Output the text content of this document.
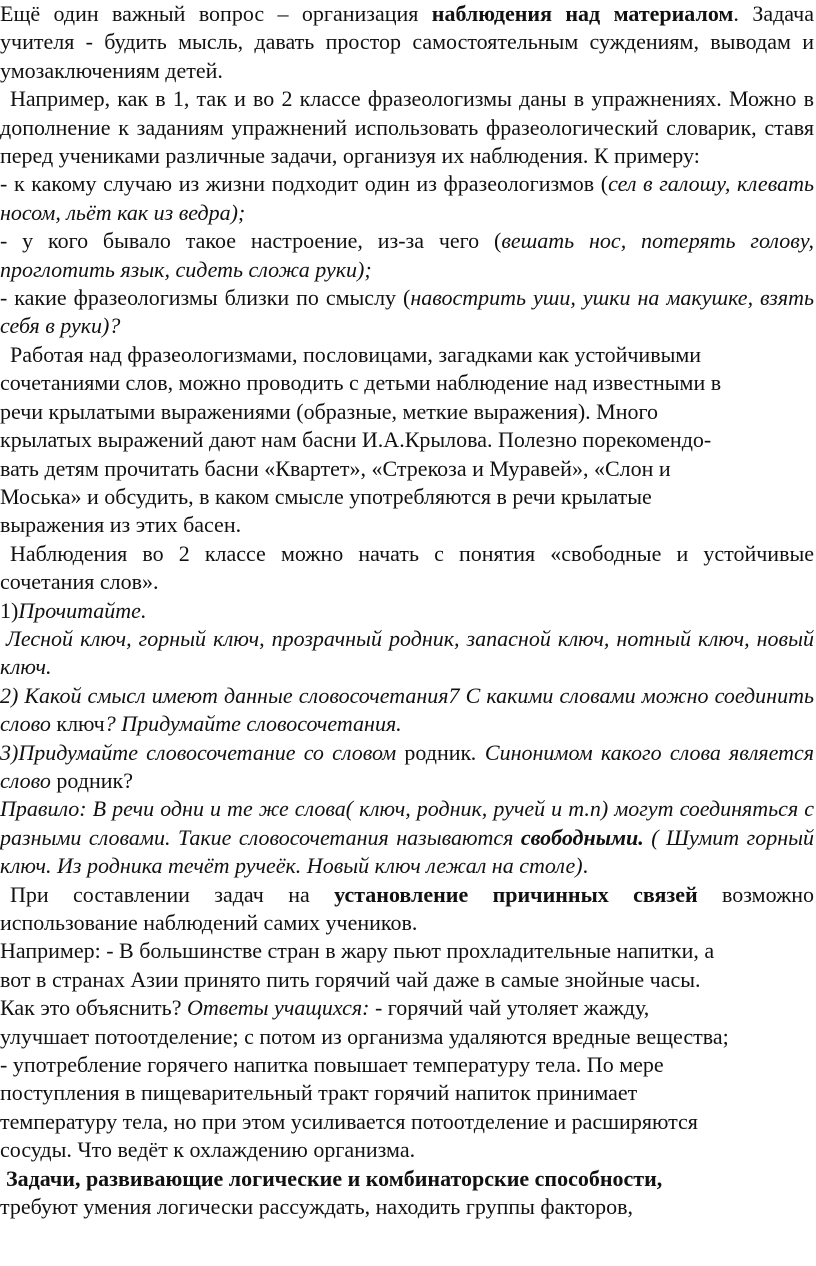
Ещё один важный вопрос – организация наблюдения над материалом. Задача учителя - будить мысль, давать простор самостоятельным суждениям, выводам и умозаключениям детей.

Например, как в 1, так и во 2 классе фразеологизмы даны в упражнениях. Можно в дополнение к заданиям упражнений использовать фразеологический словарик, ставя перед учениками различные задачи, организуя их наблюдения. К примеру:

- к какому случаю из жизни подходит один из фразеологизмов (сел в галошу, клевать носом, льёт как из ведра);

- у кого бывало такое настроение, из-за чего (вешать нос, потерять голову, проглотить язык, сидеть сложа руки);

- какие фразеологизмы близки по смыслу (навострить уши, ушки на макушке, взять себя в руки)?

Работая над фразеологизмами, пословицами, загадками как устойчивыми
сочетаниями слов, можно проводить с детьми наблюдение над известными в
речи крылатыми выражениями (образные, меткие выражения). Много
крылатых выражений дают нам басни И.А.Крылова. Полезно порекомендо-
вать детям прочитать басни «Квартет», «Стрекоза и Муравей», «Слон и
Моська» и обсудить, в каком смысле употребляются в речи крылатые
выражения из этих басен.

Наблюдения во 2 классе можно начать с понятия «свободные и устойчивые сочетания слов».

1)Прочитайте.

Лесной ключ, горный ключ, прозрачный родник, запасной ключ, нотный ключ, новый ключ.

2) Какой смысл имеют данные словосочетания7 С какими словами можно соединить слово ключ? Придумайте словосочетания.

3)Придумайте словосочетание со словом родник. Синонимом какого слова является слово родник?

Правило: В речи одни и те же слова( ключ, родник, ручей и т.п) могут соединяться с разными словами. Такие словосочетания называются свободными. ( Шумит горный ключ. Из родника течёт ручеёк. Новый ключ лежал на столе).

При составлении задач на установление причинных связей возможно использование наблюдений самих учеников.

Например: - В большинстве стран в жару пьют прохладительные напитки, а
вот в странах Азии принято пить горячий чай даже в самые знойные часы.
Как это объяснить? Ответы учащихся: - горячий чай утоляет жажду,
улучшает потоотделение; с потом из организма удаляются вредные вещества;
- употребление горячего напитка повышает температуру тела. По мере
поступления в пищеварительный тракт горячий напиток принимает
температуру тела, но при этом усиливается потоотделение и расширяются
сосуды. Что ведёт к охлаждению организма.
Задачи, развивающие логические и комбинаторские способности,
требуют умения логически рассуждать, находить группы факторов,
